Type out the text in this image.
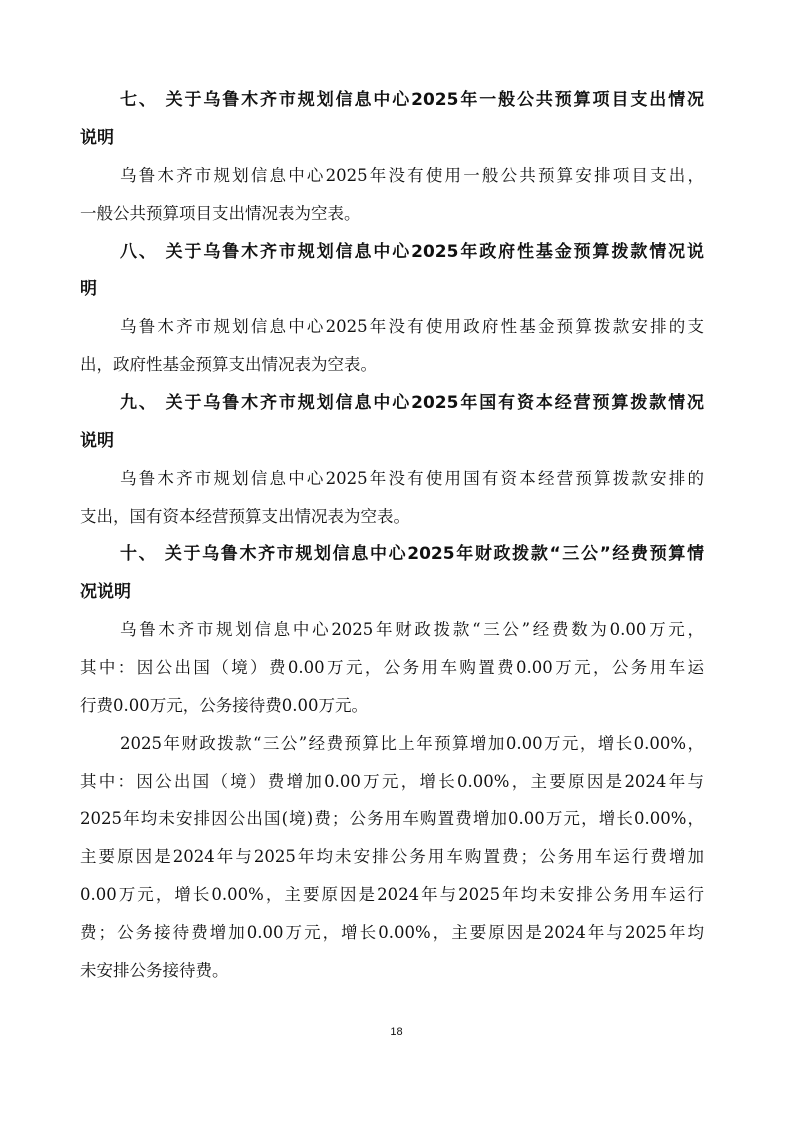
七、 关于乌鲁木齐市规划信息中心2025年一般公共预算项目支出情况
说明
乌鲁木齐市规划信息中心2025年没有使用一般公共预算安排项目支出，
一般公共预算项目支出情况表为空表。
八、 关于乌鲁木齐市规划信息中心2025年政府性基金预算拨款情况说
明
乌鲁木齐市规划信息中心2025年没有使用政府性基金预算拨款安排的支
出，政府性基金预算支出情况表为空表。
九、 关于乌鲁木齐市规划信息中心2025年国有资本经营预算拨款情况
说明
乌鲁木齐市规划信息中心2025年没有使用国有资本经营预算拨款安排的
支出，国有资本经营预算支出情况表为空表。
十、 关于乌鲁木齐市规划信息中心2025年财政拨款“三公”经费预算情
况说明
乌鲁木齐市规划信息中心2025年财政拨款“三公”经费数为0.00万元，
其中：因公出国（境）费0.00万元，公务用车购置费0.00万元，公务用车运
行费0.00万元，公务接待费0.00万元。
2025年财政拨款“三公”经费预算比上年预算增加0.00万元，增长0.00%，
其中：因公出国（境）费增加0.00万元，增长0.00%，主要原因是2024年与
2025年均未安排因公出国(境)费；公务用车购置费增加0.00万元，增长0.00%，
主要原因是2024年与2025年均未安排公务用车购置费；公务用车运行费增加
0.00万元，增长0.00%，主要原因是2024年与2025年均未安排公务用车运行
费；公务接待费增加0.00万元，增长0.00%，主要原因是2024年与2025年均
未安排公务接待费。
18
